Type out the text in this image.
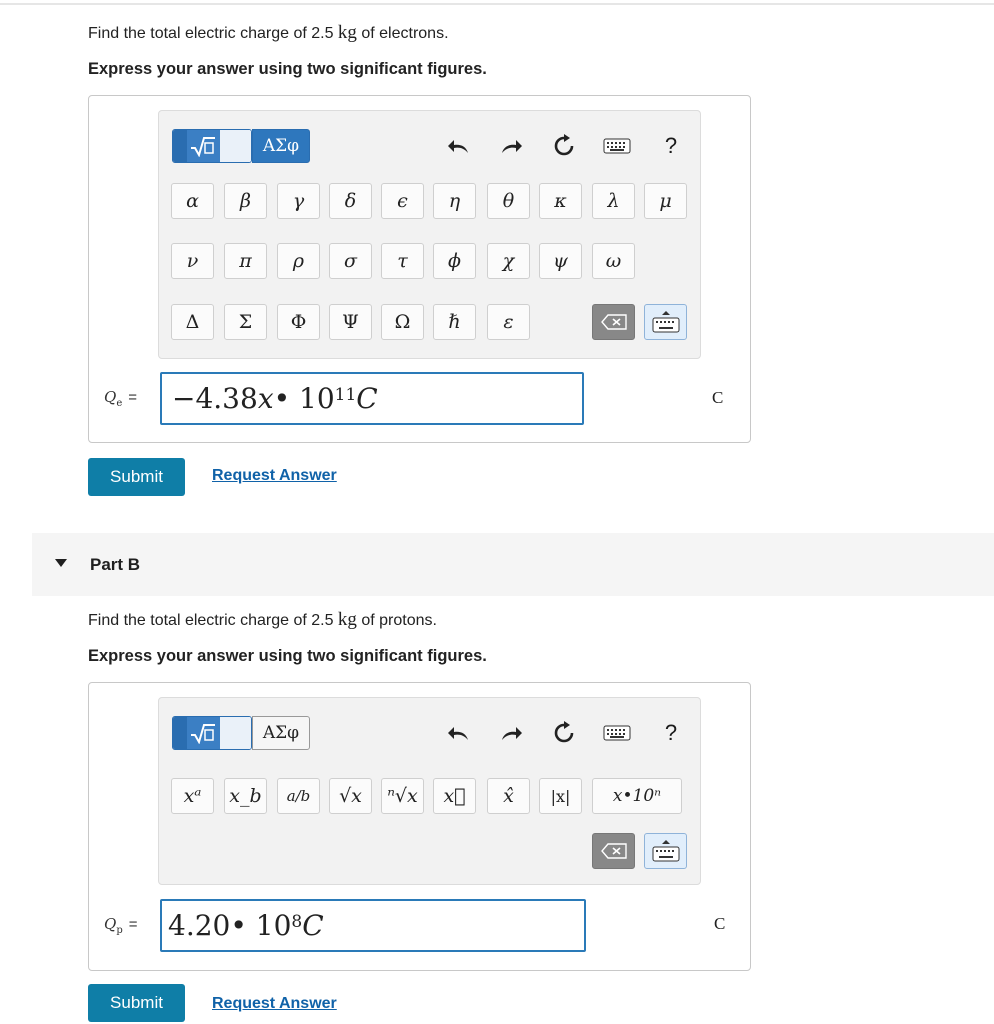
Find the total electric charge of 2.5 kg of electrons.
Express your answer using two significant figures.
ΑΣφ	?
α	β	γ	δ	ϵ	η	θ	κ	λ	μ
ν	π	ρ	σ	τ	ϕ	χ	ψ	ω
Δ	Σ	Φ	Ψ	Ω	ℏ	ε
$Q_e$ = − 4.38 x • $10^{11}$ C	C
Submit	Request Answer
Part B
Find the total electric charge of 2.5 kg of protons.
Express your answer using two significant figures.
ΑΣφ	?
xᵃ	x_b	a/b	√x	ⁿ√x	x⃗	x̂	|x|	x•10ⁿ
$Q_p = 4.20$ • $10^8$ C	C
Submit	Request Answer
